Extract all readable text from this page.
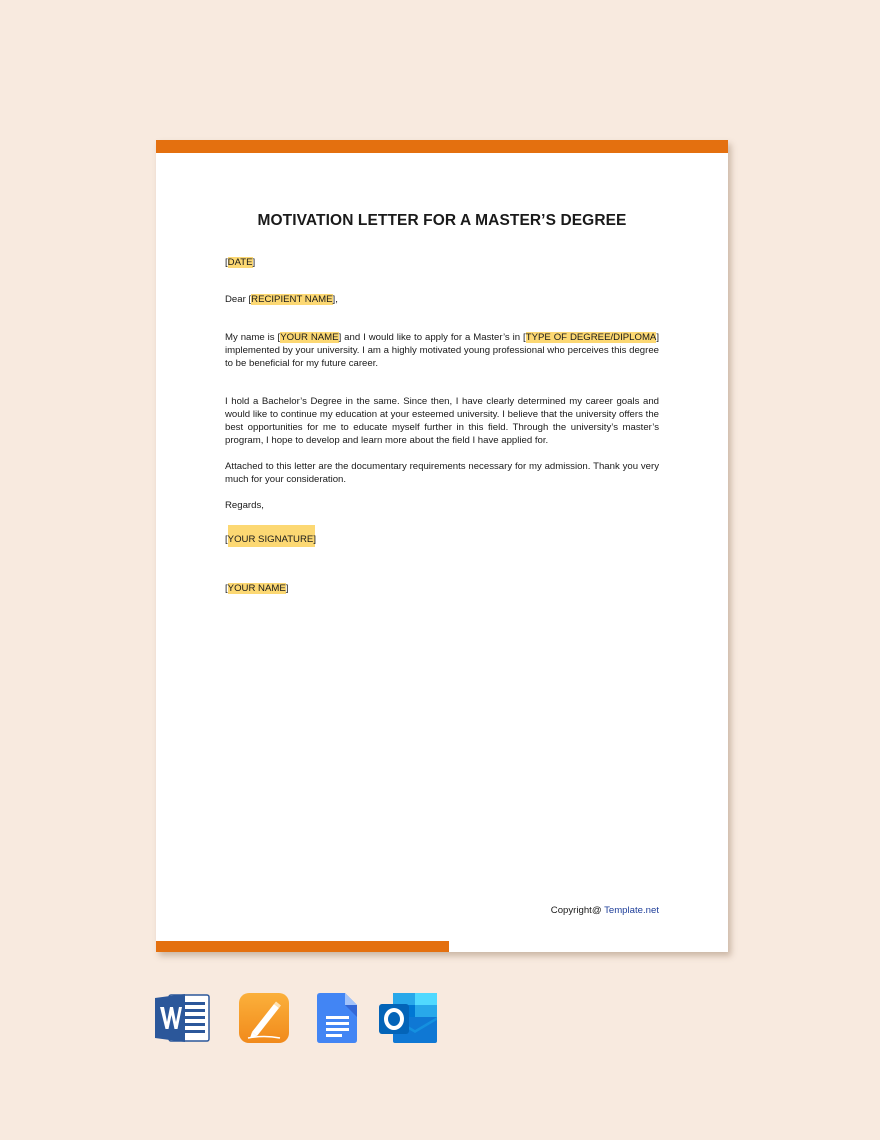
MOTIVATION LETTER FOR A MASTER’S DEGREE
[DATE]
Dear [RECIPIENT NAME],
My name is [YOUR NAME] and I would like to apply for a Master’s in [TYPE OF DEGREE/DIPLOMA] implemented by your university. I am a highly motivated young professional who perceives this degree to be beneficial for my future career.
I hold a Bachelor’s Degree in the same. Since then, I have clearly determined my career goals and would like to continue my education at your esteemed university. I believe that the university offers the best opportunities for me to educate myself further in this field. Through the university’s master’s program, I hope to develop and learn more about the field I have applied for.
Attached to this letter are the documentary requirements necessary for my admission. Thank you very much for your consideration.
Regards,
[YOUR SIGNATURE]
[YOUR NAME]
Copyright@ Template.net
